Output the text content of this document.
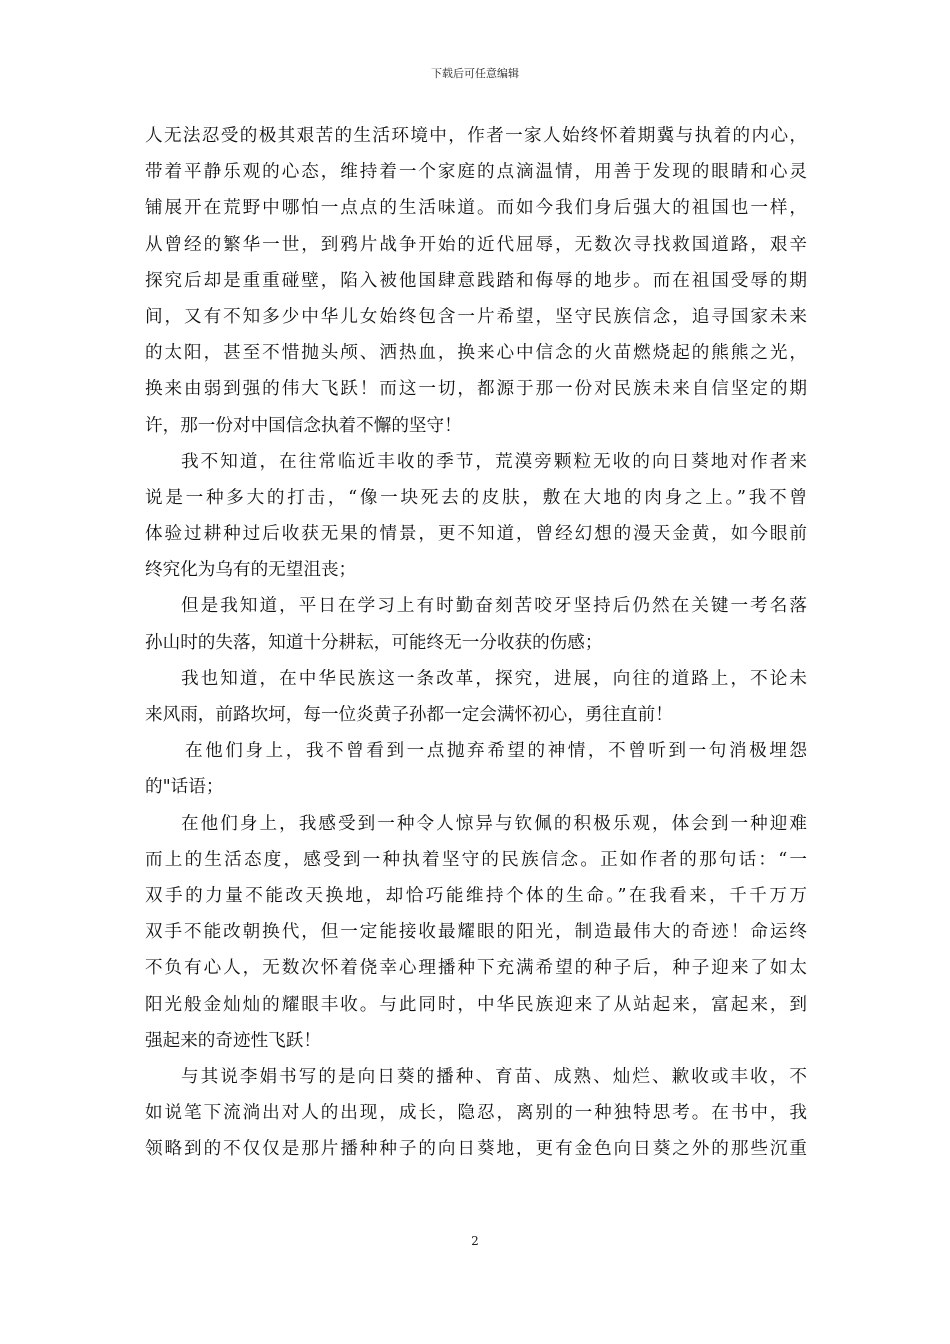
下载后可任意编辑
人无法忍受的极其艰苦的生活环境中，作者一家人始终怀着期冀与执着的内心，
带着平静乐观的心态，维持着一个家庭的点滴温情，用善于发现的眼睛和心灵
铺展开在荒野中哪怕一点点的生活味道。而如今我们身后强大的祖国也一样，
从曾经的繁华一世，到鸦片战争开始的近代屈辱，无数次寻找救国道路，艰辛
探究后却是重重碰壁，陷入被他国肆意践踏和侮辱的地步。而在祖国受辱的期
间，又有不知多少中华儿女始终包含一片希望，坚守民族信念，追寻国家未来
的太阳，甚至不惜抛头颅、洒热血，换来心中信念的火苗燃烧起的熊熊之光，
换来由弱到强的伟大飞跃！而这一切，都源于那一份对民族未来自信坚定的期
许，那一份对中国信念执着不懈的坚守！
我不知道，在往常临近丰收的季节，荒漠旁颗粒无收的向日葵地对作者来
说是一种多大的打击，“像一块死去的皮肤，敷在大地的肉身之上。”我不曾
体验过耕种过后收获无果的情景，更不知道，曾经幻想的漫天金黄，如今眼前
终究化为乌有的无望沮丧；
但是我知道，平日在学习上有时勤奋刻苦咬牙坚持后仍然在关键一考名落
孙山时的失落，知道十分耕耘，可能终无一分收获的伤感；
我也知道，在中华民族这一条改革，探究，进展，向往的道路上，不论未
来风雨，前路坎坷，每一位炎黄子孙都一定会满怀初心，勇往直前！
在他们身上，我不曾看到一点抛弃希望的神情，不曾听到一句消极埋怨
的"话语；
在他们身上，我感受到一种令人惊异与钦佩的积极乐观，体会到一种迎难
而上的生活态度，感受到一种执着坚守的民族信念。正如作者的那句话：“一
双手的力量不能改天换地，却恰巧能维持个体的生命。”在我看来，千千万万
双手不能改朝换代，但一定能接收最耀眼的阳光，制造最伟大的奇迹！命运终
不负有心人，无数次怀着侥幸心理播种下充满希望的种子后，种子迎来了如太
阳光般金灿灿的耀眼丰收。与此同时，中华民族迎来了从站起来，富起来，到
强起来的奇迹性飞跃！
与其说李娟书写的是向日葵的播种、育苗、成熟、灿烂、歉收或丰收，不
如说笔下流淌出对人的出现，成长，隐忍，离别的一种独特思考。在书中，我
领略到的不仅仅是那片播种种子的向日葵地，更有金色向日葵之外的那些沉重
2
